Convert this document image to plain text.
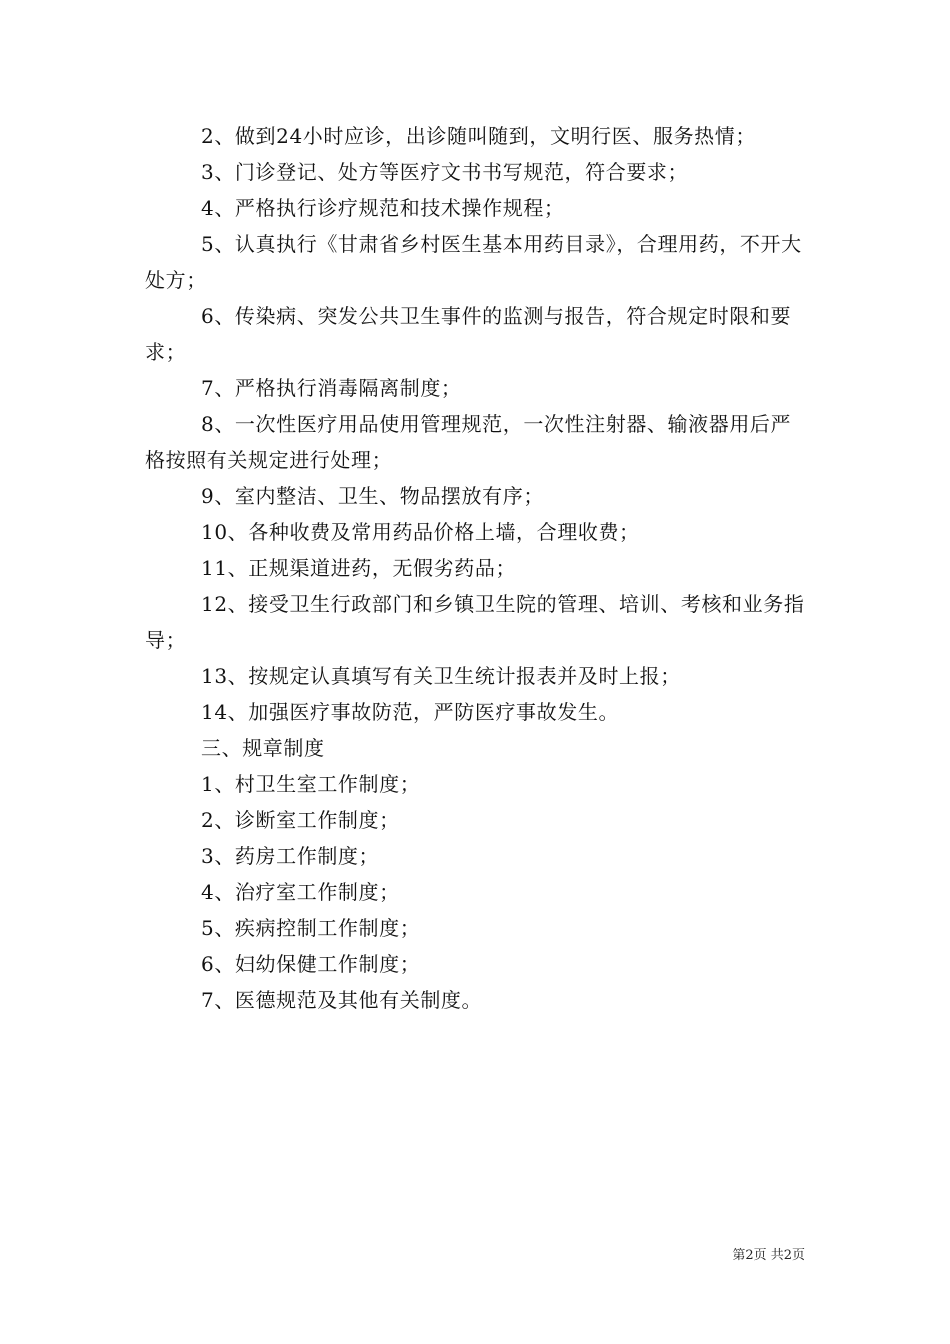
2、做到24小时应诊，出诊随叫随到，文明行医、服务热情；

3、门诊登记、处方等医疗文书书写规范，符合要求；

4、严格执行诊疗规范和技术操作规程；

5、认真执行《甘肃省乡村医生基本用药目录》，合理用药，不开大处方；

6、传染病、突发公共卫生事件的监测与报告，符合规定时限和要求；

7、严格执行消毒隔离制度；

8、一次性医疗用品使用管理规范，一次性注射器、输液器用后严格按照有关规定进行处理；

9、室内整洁、卫生、物品摆放有序；

10、各种收费及常用药品价格上墙，合理收费；

11、正规渠道进药，无假劣药品；

12、接受卫生行政部门和乡镇卫生院的管理、培训、考核和业务指导；

13、按规定认真填写有关卫生统计报表并及时上报；

14、加强医疗事故防范，严防医疗事故发生。

三、规章制度

1、村卫生室工作制度；

2、诊断室工作制度；

3、药房工作制度；

4、治疗室工作制度；

5、疾病控制工作制度；

6、妇幼保健工作制度；

7、医德规范及其他有关制度。

第2页 共2页
